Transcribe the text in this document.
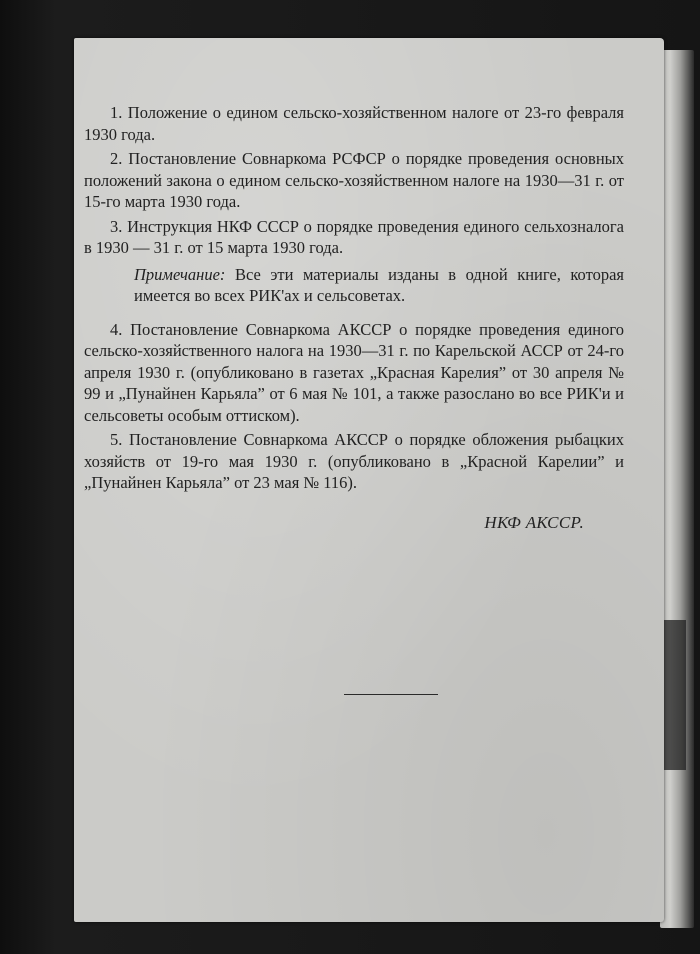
1. Положение о едином сельско-хозяйственном налоге от 23-го февраля 1930 года.

2. Постановление Совнаркома РСФСР о порядке проведения основных положений закона о едином сельско-хозяйственном налоге на 1930—31 г. от 15-го марта 1930 года.

3. Инструкция НКФ СССР о порядке проведения единого сельхозналога в 1930 — 31 г. от 15 марта 1930 года.

Примечание: Все эти материалы изданы в одной книге, которая имеется во всех РИК'ах и сельсоветах.

4. Постановление Совнаркома АКССР о порядке проведения единого сельско-хозяйственного налога на 1930—31 г. по Карельской АССР от 24-го апреля 1930 г. (опубликовано в газетах „Красная Карелия” от 30 апреля № 99 и „Пунайнен Карьяла” от 6 мая № 101, а также разослано во все РИК'и и сельсоветы особым оттиском).

5. Постановление Совнаркома АКССР о порядке обложения рыбацких хозяйств от 19-го мая 1930 г. (опубликовано в „Красной Карелии” и „Пунайнен Карьяла” от 23 мая № 116).

НКФ АКССР.
